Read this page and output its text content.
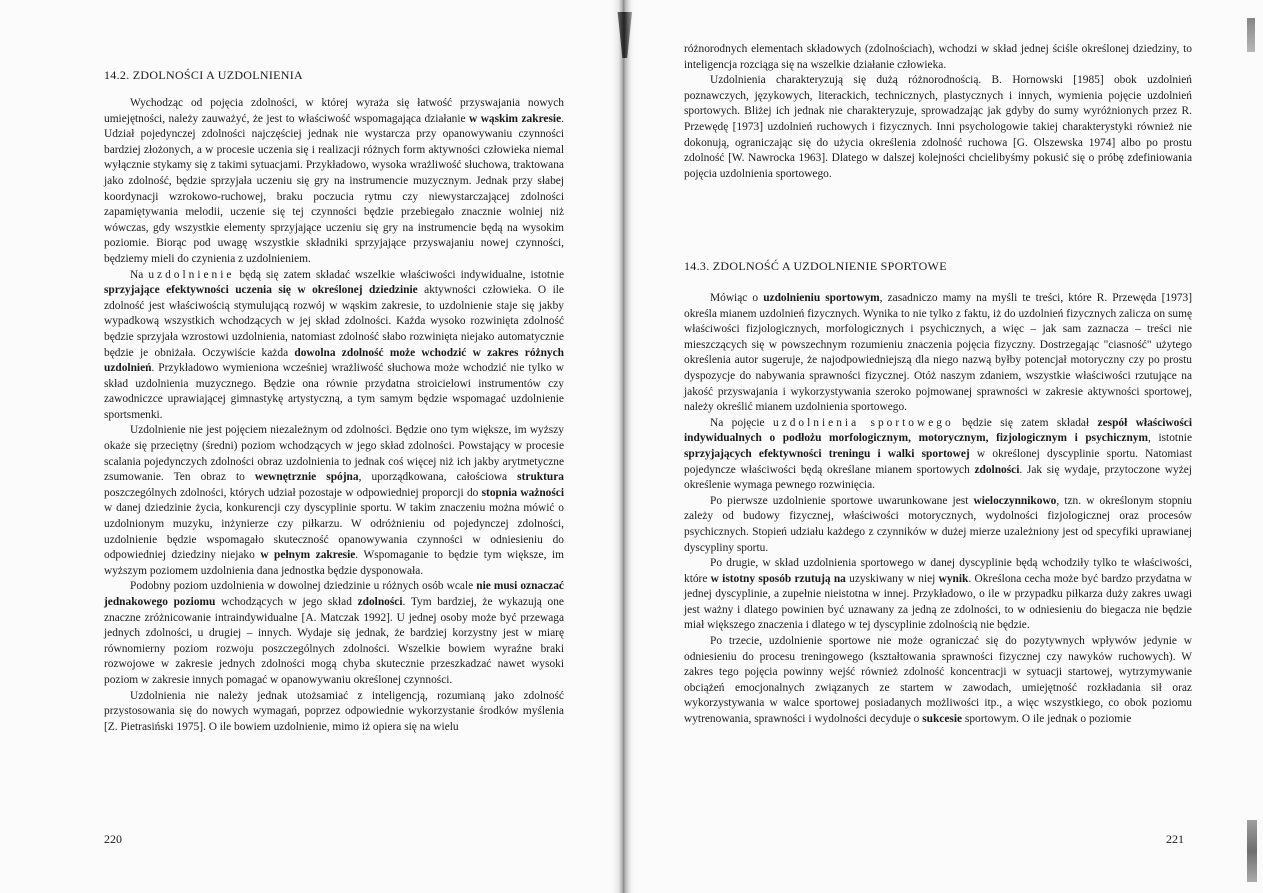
14.2. ZDOLNOŚCI A UZDOLNIENIA

Wychodząc od pojęcia zdolności, w której wyraża się łatwość przyswajania nowych umiejętności, należy zauważyć, że jest to właściwość wspomagająca działanie w wąskim zakresie. Udział pojedynczej zdolności najczęściej jednak nie wystarcza przy opanowywaniu czynności bardziej złożonych, a w procesie uczenia się i realizacji różnych form aktywności człowieka niemal wyłącznie stykamy się z takimi sytuacjami. Przykładowo, wysoka wrażliwość słuchowa, traktowana jako zdolność, będzie sprzyjała uczeniu się gry na instrumencie muzycznym. Jednak przy słabej koordynacji wzrokowo-ruchowej, braku poczucia rytmu czy niewystarczającej zdolności zapamiętywania melodii, uczenie się tej czynności będzie przebiegało znacznie wolniej niż wówczas, gdy wszystkie elementy sprzyjające uczeniu się gry na instrumencie będą na wysokim poziomie. Biorąc pod uwagę wszystkie składniki sprzyjające przyswajaniu nowej czynności, będziemy mieli do czynienia z uzdolnieniem.

Na uzdolnienie będą się zatem składać wszelkie właściwości indywidualne, istotnie sprzyjające efektywności uczenia się w określonej dziedzinie aktywności człowieka. O ile zdolność jest właściwością stymulującą rozwój w wąskim zakresie, to uzdolnienie staje się jakby wypadkową wszystkich wchodzących w jej skład zdolności. Każda wysoko rozwinięta zdolność będzie sprzyjała wzrostowi uzdolnienia, natomiast zdolność słabo rozwinięta niejako automatycznie będzie je obniżała. Oczywiście każda dowolna zdolność może wchodzić w zakres różnych uzdolnień. Przykładowo wymieniona wcześniej wrażliwość słuchowa może wchodzić nie tylko w skład uzdolnienia muzycznego. Będzie ona równie przydatna stroicielowi instrumentów czy zawodniczce uprawiającej gimnastykę artystyczną, a tym samym będzie wspomagać uzdolnienie sportsmenki.

Uzdolnienie nie jest pojęciem niezależnym od zdolności. Będzie ono tym większe, im wyższy okaże się przeciętny (średni) poziom wchodzących w jego skład zdolności. Powstający w procesie scalania pojedynczych zdolności obraz uzdolnienia to jednak coś więcej niż ich jakby arytmetyczne zsumowanie. Ten obraz to wewnętrznie spójna, uporządkowana, całościowa struktura poszczególnych zdolności, których udział pozostaje w odpowiedniej proporcji do stopnia ważności w danej dziedzinie życia, konkurencji czy dyscyplinie sportu. W takim znaczeniu można mówić o uzdolnionym muzyku, inżynierze czy piłkarzu. W odróżnieniu od pojedynczej zdolności, uzdolnienie będzie wspomagało skuteczność opanowywania czynności w odniesieniu do odpowiedniej dziedziny niejako w pełnym zakresie. Wspomaganie to będzie tym większe, im wyższym poziomem uzdolnienia dana jednostka będzie dysponowała.

Podobny poziom uzdolnienia w dowolnej dziedzinie u różnych osób wcale nie musi oznaczać jednakowego poziomu wchodzących w jego skład zdolności. Tym bardziej, że wykazują one znaczne zróżnicowanie intraindywidualne [A. Matczak 1992]. U jednej osoby może być przewaga jednych zdolności, u drugiej – innych. Wydaje się jednak, że bardziej korzystny jest w miarę równomierny poziom rozwoju poszczególnych zdolności. Wszelkie bowiem wyraźne braki rozwojowe w zakresie jednych zdolności mogą chyba skutecznie przeszkadzać nawet wysoki poziom w zakresie innych pomagać w opanowywaniu określonej czynności.

Uzdolnienia nie należy jednak utożsamiać z inteligencją, rozumianą jako zdolność przystosowania się do nowych wymagań, poprzez odpowiednie wykorzystanie środków myślenia [Z. Pietrasiński 1975]. O ile bowiem uzdolnienie, mimo iż opiera się na wielu

220

różnorodnych elementach składowych (zdolnościach), wchodzi w skład jednej ściśle określonej dziedziny, to inteligencja rozciąga się na wszelkie działanie człowieka.

Uzdolnienia charakteryzują się dużą różnorodnością. B. Hornowski [1985] obok uzdolnień poznawczych, językowych, literackich, technicznych, plastycznych i innych, wymienia pojęcie uzdolnień sportowych. Bliżej ich jednak nie charakteryzuje, sprowadzając jak gdyby do sumy wyróżnionych przez R. Przewędę [1973] uzdolnień ruchowych i fizycznych. Inni psychologowie takiej charakterystyki również nie dokonują, ograniczając się do użycia określenia zdolność ruchowa [G. Olszewska 1974] albo po prostu zdolność [W. Nawrocka 1963]. Dlatego w dalszej kolejności chcielibyśmy pokusić się o próbę zdefiniowania pojęcia uzdolnienia sportowego.

14.3. ZDOLNOŚĆ A UZDOLNIENIE SPORTOWE

Mówiąc o uzdolnieniu sportowym, zasadniczo mamy na myśli te treści, które R. Przewęda [1973] określa mianem uzdolnień fizycznych. Wynika to nie tylko z faktu, iż do uzdolnień fizycznych zalicza on sumę właściwości fizjologicznych, morfologicznych i psychicznych, a więc – jak sam zaznacza – treści nie mieszczących się w powszechnym rozumieniu znaczenia pojęcia fizyczny. Dostrzegając "ciasność" użytego określenia autor sugeruje, że najodpowiedniejszą dla niego nazwą byłby potencjał motoryczny czy po prostu dyspozycje do nabywania sprawności fizycznej. Otóż naszym zdaniem, wszystkie właściwości rzutujące na jakość przyswajania i wykorzystywania szeroko pojmowanej sprawności w zakresie aktywności sportowej, należy określić mianem uzdolnienia sportowego.

Na pojęcie uzdolnienia sportowego będzie się zatem składał zespół właściwości indywidualnych o podłożu morfologicznym, motorycznym, fizjologicznym i psychicznym, istotnie sprzyjających efektywności treningu i walki sportowej w określonej dyscyplinie sportu. Natomiast pojedyncze właściwości będą określane mianem sportowych zdolności. Jak się wydaje, przytoczone wyżej określenie wymaga pewnego rozwinięcia.

Po pierwsze uzdolnienie sportowe uwarunkowane jest wieloczynnikowo, tzn. w określonym stopniu zależy od budowy fizycznej, właściwości motorycznych, wydolności fizjologicznej oraz procesów psychicznych. Stopień udziału każdego z czynników w dużej mierze uzależniony jest od specyfiki uprawianej dyscypliny sportu.

Po drugie, w skład uzdolnienia sportowego w danej dyscyplinie będą wchodziły tylko te właściwości, które w istotny sposób rzutują na uzyskiwany w niej wynik. Określona cecha może być bardzo przydatna w jednej dyscyplinie, a zupełnie nieistotna w innej. Przykładowo, o ile w przypadku piłkarza duży zakres uwagi jest ważny i dlatego powinien być uznawany za jedną ze zdolności, to w odniesieniu do biegacza nie będzie miał większego znaczenia i dlatego w tej dyscyplinie zdolnością nie będzie.

Po trzecie, uzdolnienie sportowe nie może ograniczać się do pozytywnych wpływów jedynie w odniesieniu do procesu treningowego (kształtowania sprawności fizycznej czy nawyków ruchowych). W zakres tego pojęcia powinny wejść również zdolność koncentracji w sytuacji startowej, wytrzymywanie obciążeń emocjonalnych związanych ze startem w zawodach, umiejętność rozkładania sił oraz wykorzystywania w walce sportowej posiadanych możliwości itp., a więc wszystkiego, co obok poziomu wytrenowania, sprawności i wydolności decyduje o sukcesie sportowym. O ile jednak o poziomie

221
